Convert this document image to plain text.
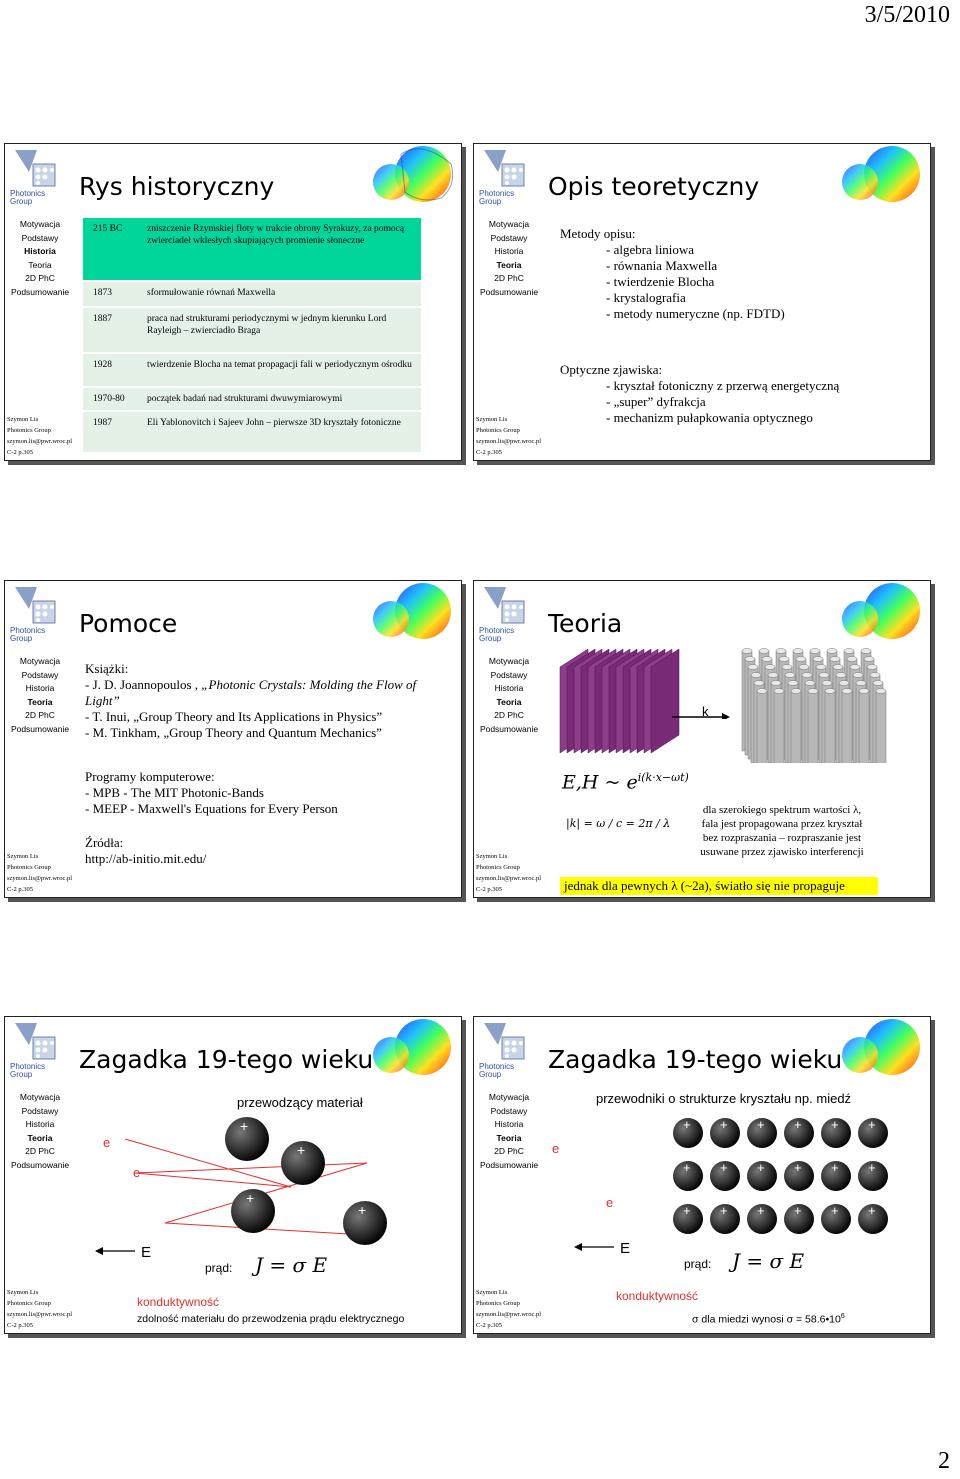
3/5/2010
Photonics
Group
Rys historyczny
Motywacja
Podstawy
Historia
Teoria
2D PhC
Podsumowanie
215 BC	zniszczenie Rzymskiej floty w trakcie obrony Syrakuzy, za pomocą zwierciadeł wklesłych skupiających promienie słoneczne
1873	sformułowanie równań Maxwella
1887	praca nad strukturami periodycznymi w jednym kierunku Lord Rayleigh – zwierciadło Braga
1928	twierdzenie Blocha na temat propagacji fali w periodycznym ośrodku
1970-80	początek badań nad strukturami dwuwymiarowymi
1987	Eli Yablonovitch i Sajeev John – pierwsze 3D kryształy fotoniczne
Szymon Lis
Photonics Group
szymon.lis@pwr.wroc.pl
C-2 p.305
Photonics
Group
Opis teoretyczny
Motywacja
Podstawy
Historia
Teoria
2D PhC
Podsumowanie
Metody opisu:
- algebra liniowa
- równania Maxwella
- twierdzenie Blocha
- krystalografia
- metody numeryczne (np. FDTD)
Optyczne zjawiska:
- kryształ fotoniczny z przerwą energetyczną
- „super” dyfrakcja
- mechanizm pułapkowania optycznego
Szymon Lis
Photonics Group
szymon.lis@pwr.wroc.pl
C-2 p.305
Photonics
Group
Pomoce
Motywacja
Podstawy
Historia
Teoria
2D PhC
Podsumowanie
Książki:
- J. D. Joannopoulos , „Photonic Crystals: Molding the Flow of Light”
- T. Inui, „Group Theory and Its Applications in Physics”
- M. Tinkham, „Group Theory and Quantum Mechanics”
Programy komputerowe:
- MPB - The MIT Photonic-Bands
- MEEP - Maxwell's Equations for Every Person
Źródła:
http://ab-initio.mit.edu/
Szymon Lis
Photonics Group
szymon.lis@pwr.wroc.pl
C-2 p.305
Photonics
Group
Teoria
Motywacja
Podstawy
Historia
Teoria
2D PhC
Podsumowanie
k
E,H ~ $e^{i(k\cdot x-\omega t)}$
|k| = ω / c = 2π / λ
dla szerokiego spektrum wartości λ, fala jest propagowana przez kryształ bez rozpraszania – rozpraszanie jest usuwane przez zjawisko interferencji
jednak dla pewnych λ (~2a), światło się nie propaguje
Szymon Lis
Photonics Group
szymon.lis@pwr.wroc.pl
C-2 p.305
Photonics
Group
Zagadka 19-tego wieku
Motywacja
Podstawy
Historia
Teoria
2D PhC
Podsumowanie
przewodzący materiał
+
+
+
+
e
e
E
prąd: J = σ E
konduktywność
zdolność materiału do przewodzenia prądu elektrycznego
Szymon Lis
Photonics Group
szymon.lis@pwr.wroc.pl
C-2 p.305
Photonics
Group
Zagadka 19-tego wieku
Motywacja
Podstawy
Historia
Teoria
2D PhC
Podsumowanie
przewodniki o strukturze kryształu np. miedź
+ + + + + +
+ + + + + +
+ + + + + +
e
e
E
prąd: J = σ E
konduktywność
σ dla miedzi wynosi $\sigma = 58.6•10^6$
Szymon Lis
Photonics Group
szymon.lis@pwr.wroc.pl
C-2 p.305
2
